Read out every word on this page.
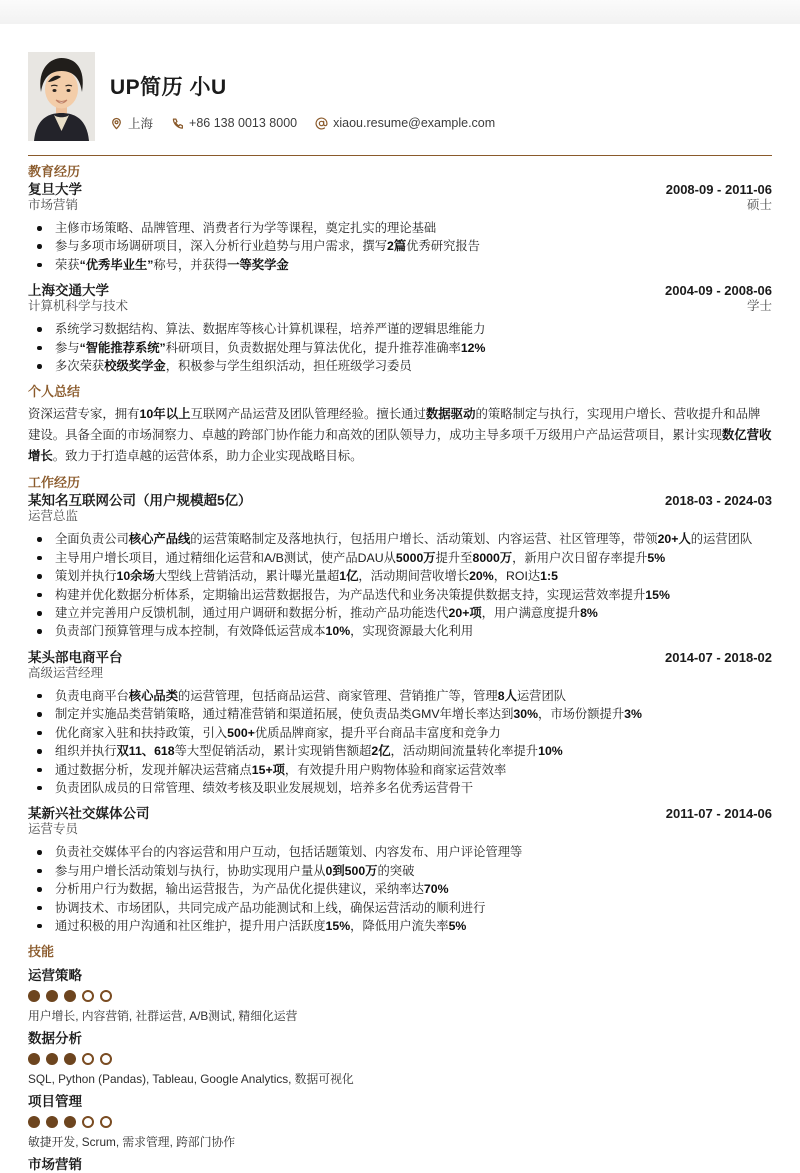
UP简历 小U
上海	+86 138 0013 8000	xiaou.resume@example.com
教育经历
复旦大学	2008-09 - 2011-06
市场营销	硕士
主修市场策略、品牌管理、消费者行为学等课程，奠定扎实的理论基础
参与多项市场调研项目，深入分析行业趋势与用户需求，撰写2篇优秀研究报告
荣获“优秀毕业生”称号，并获得一等奖学金
上海交通大学	2004-09 - 2008-06
计算机科学与技术	学士
系统学习数据结构、算法、数据库等核心计算机课程，培养严谨的逻辑思维能力
参与“智能推荐系统”科研项目，负责数据处理与算法优化，提升推荐准确率12%
多次荣获校级奖学金，积极参与学生组织活动，担任班级学习委员
个人总结

资深运营专家，拥有10年以上互联网产品运营及团队管理经验。擅长通过数据驱动的策略制定与执行，实现用户增长、营收提升和品牌建设。具备全面的市场洞察力、卓越的跨部门协作能力和高效的团队领导力，成功主导多项千万级用户产品运营项目，累计实现数亿营收增长。致力于打造卓越的运营体系，助力企业实现战略目标。

工作经历
某知名互联网公司（用户规模超5亿）	2018-03 - 2024-03
运营总监
全面负责公司核心产品线的运营策略制定及落地执行，包括用户增长、活动策划、内容运营、社区管理等，带领20+人的运营团队
主导用户增长项目，通过精细化运营和A/B测试，使产品DAU从5000万提升至8000万，新用户次日留存率提升5%
策划并执行10余场大型线上营销活动，累计曝光量超1亿，活动期间营收增长20%，ROI达1:5
构建并优化数据分析体系，定期输出运营数据报告，为产品迭代和业务决策提供数据支持，实现运营效率提升15%
建立并完善用户反馈机制，通过用户调研和数据分析，推动产品功能迭代20+项，用户满意度提升8%
负责部门预算管理与成本控制，有效降低运营成本10%，实现资源最大化利用
某头部电商平台	2014-07 - 2018-02
高级运营经理
负责电商平台核心品类的运营管理，包括商品运营、商家管理、营销推广等，管理8人运营团队
制定并实施品类营销策略，通过精准营销和渠道拓展，使负责品类GMV年增长率达到30%，市场份额提升3%
优化商家入驻和扶持政策，引入500+优质品牌商家，提升平台商品丰富度和竞争力
组织并执行双11、618等大型促销活动，累计实现销售额超2亿，活动期间流量转化率提升10%
通过数据分析，发现并解决运营痛点15+项，有效提升用户购物体验和商家运营效率
负责团队成员的日常管理、绩效考核及职业发展规划，培养多名优秀运营骨干
某新兴社交媒体公司	2011-07 - 2014-06
运营专员
负责社交媒体平台的内容运营和用户互动，包括话题策划、内容发布、用户评论管理等
参与用户增长活动策划与执行，协助实现用户量从0到500万的突破
分析用户行为数据，输出运营报告，为产品优化提供建议，采纳率达70%
协调技术、市场团队，共同完成产品功能测试和上线，确保运营活动的顺利进行
通过积极的用户沟通和社区维护，提升用户活跃度15%，降低用户流失率5%
技能
运营策略
用户增长, 内容营销, 社群运营, A/B测试, 精细化运营
数据分析
SQL, Python (Pandas), Tableau, Google Analytics, 数据可视化
项目管理
敏捷开发, Scrum, 需求管理, 跨部门协作
市场营销
